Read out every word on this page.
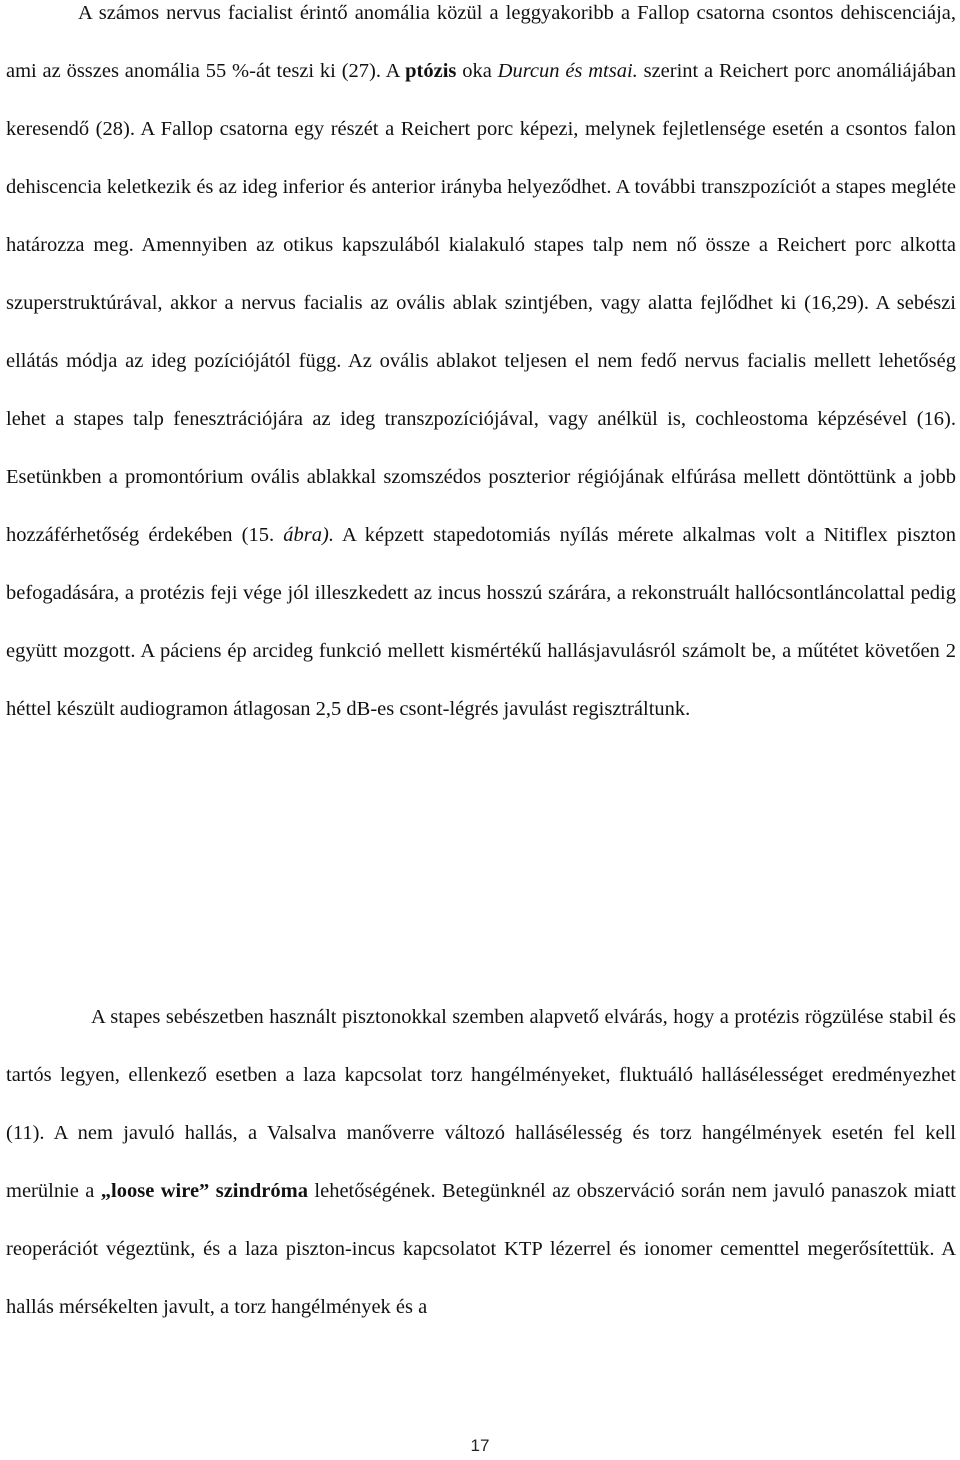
A számos nervus facialist érintő anomália közül a leggyakoribb a Fallop csatorna csontos dehiscenciája, ami az összes anomália 55 %-át teszi ki (27). A ptózis oka Durcun és mtsai. szerint a Reichert porc anomáliájában keresendő (28). A Fallop csatorna egy részét a Reichert porc képezi, melynek fejletlensége esetén a csontos falon dehiscencia keletkezik és az ideg inferior és anterior irányba helyeződhet. A további transzpozíciót a stapes megléte határozza meg. Amennyiben az otikus kapszulából kialakuló stapes talp nem nő össze a Reichert porc alkotta szuperstruktúrával, akkor a nervus facialis az ovális ablak szintjében, vagy alatta fejlődhet ki (16,29). A sebészi ellátás módja az ideg pozíciójától függ. Az ovális ablakot teljesen el nem fedő nervus facialis mellett lehetőség lehet a stapes talp fenesztrációjára az ideg transzpozíciójával, vagy anélkül is, cochleostoma képzésével (16). Esetünkben a promontórium ovális ablakkal szomszédos poszterior régiójának elfúrása mellett döntöttünk a jobb hozzáférhetőség érdekében (15. ábra). A képzett stapedotomiás nyílás mérete alkalmas volt a Nitiflex piszton befogadására, a protézis feji vége jól illeszkedett az incus hosszú szárára, a rekonstruált hallócsontláncolattal pedig együtt mozgott. A páciens ép arcideg funkció mellett kismértékű hallásjavulásról számolt be, a műtétet követően 2 héttel készült audiogramon átlagosan 2,5 dB-es csont-légrés javulást regisztráltunk.

A stapes sebészetben használt pisztonokkal szemben alapvető elvárás, hogy a protézis rögzülése stabil és tartós legyen, ellenkező esetben a laza kapcsolat torz hangélményeket, fluktuáló hallásélességet eredményezhet (11). A nem javuló hallás, a Valsalva manőverre változó hallásélesség és torz hangélmények esetén fel kell merülnie a „loose wire” szindróma lehetőségének. Betegünknél az obszerváció során nem javuló panaszok miatt reoperációt végeztünk, és a laza piszton-incus kapcsolatot KTP lézerrel és ionomer cementtel megerősítettük. A hallás mérsékelten javult, a torz hangélmények és a

17
